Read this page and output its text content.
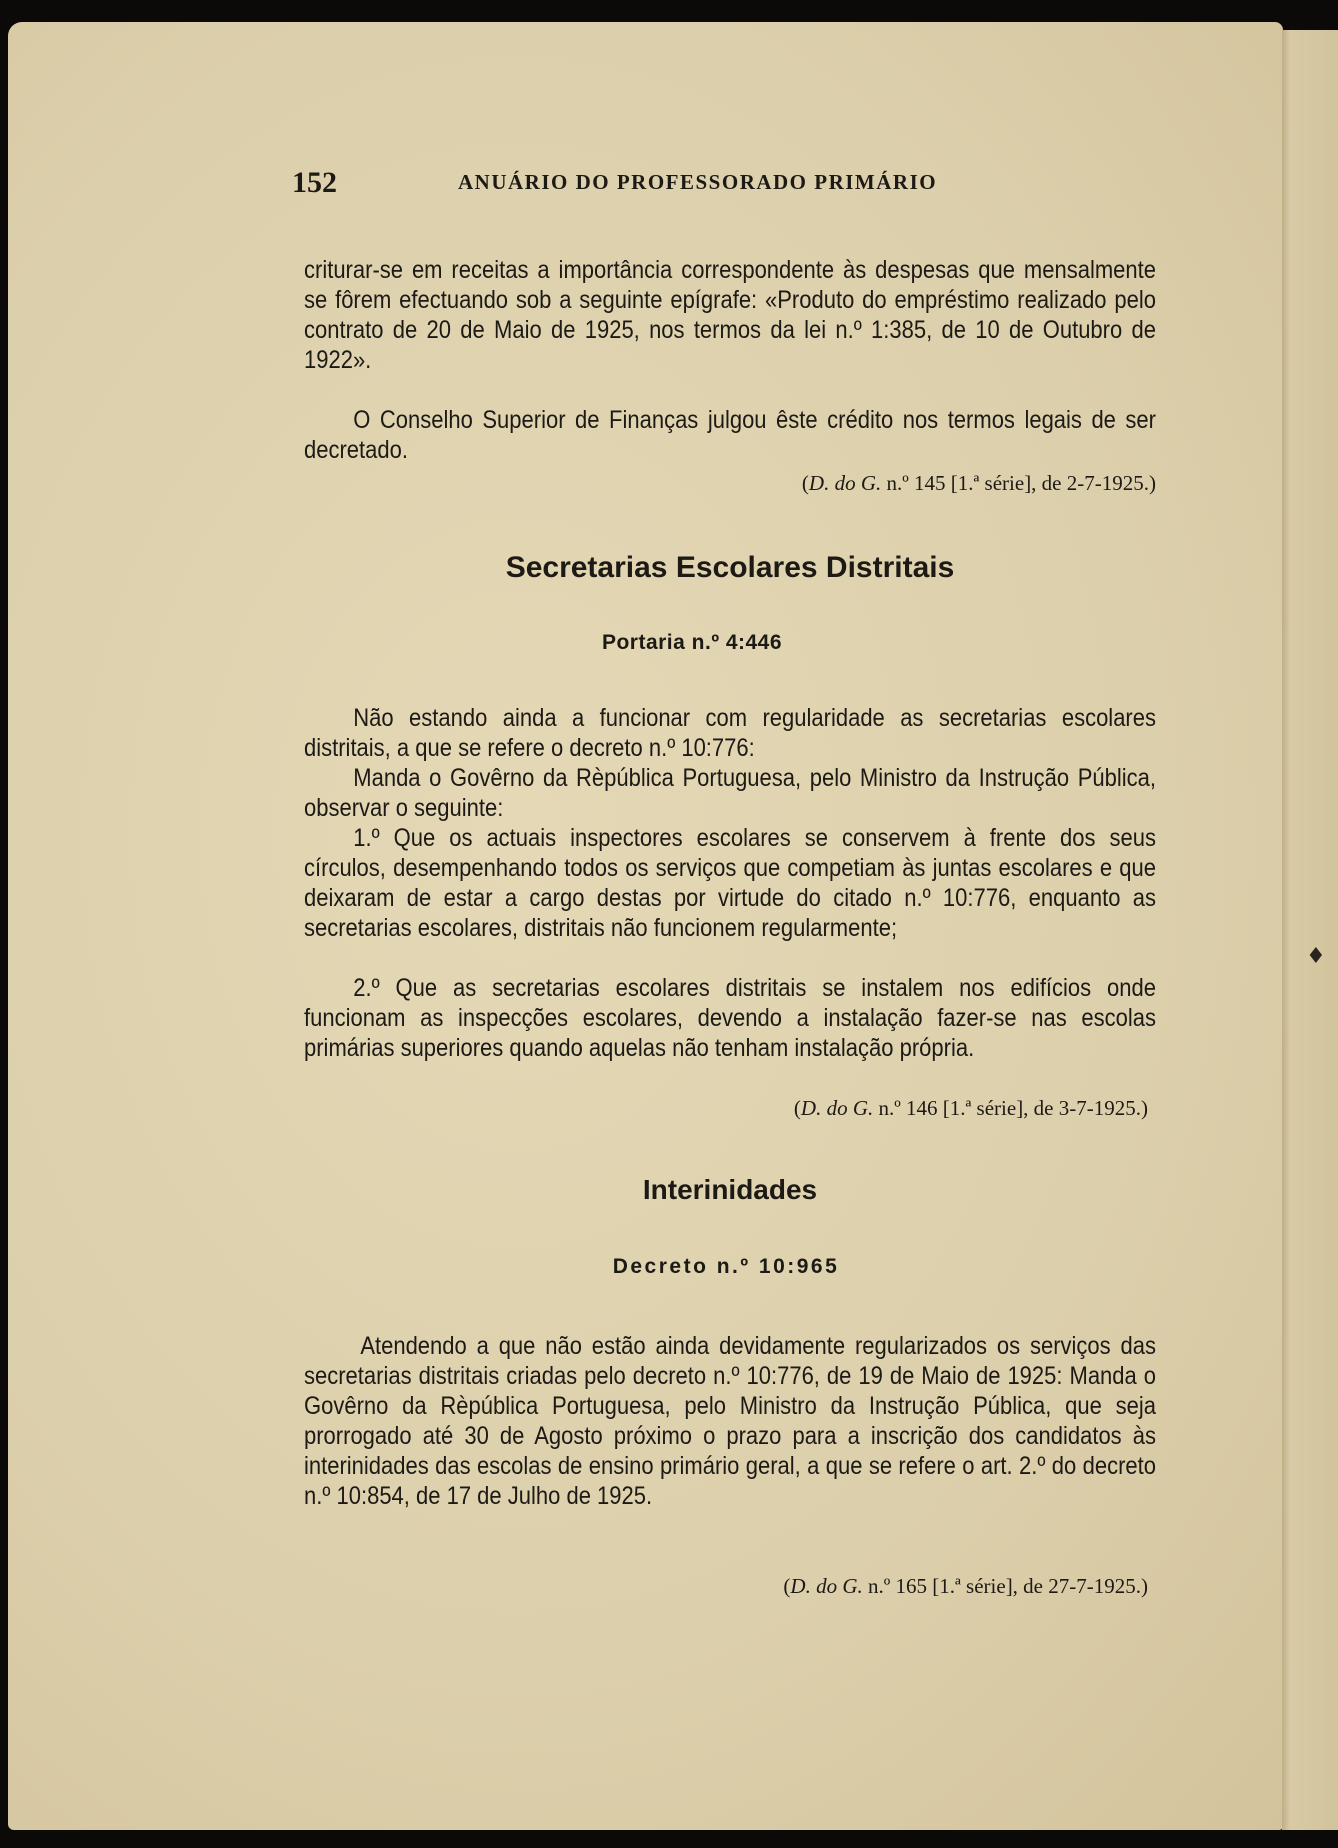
♦
152	ANUÁRIO DO PROFESSORADO PRIMÁRIO

criturar-se em receitas a importância correspondente às despesas que mensalmente se fôrem efectuando sob a seguinte epígrafe: «Produto do empréstimo realizado pelo contrato de 20 de Maio de 1925, nos termos da lei n.º 1:385, de 10 de Outubro de 1922».

O Conselho Superior de Finanças julgou êste crédito nos termos legais de ser decretado.

(D. do G. n.º 145 [1.ª série], de 2-7-1925.)
Secretarias Escolares Distritais
Portaria n.º 4:446

Não estando ainda a funcionar com regularidade as secretarias escolares distritais, a que se refere o decreto n.º 10:776:

Manda o Govêrno da Rèpública Portuguesa, pelo Ministro da Instrução Pública, observar o seguinte:

1.º Que os actuais inspectores escolares se conservem à frente dos seus círculos, desempenhando todos os serviços que competiam às juntas escolares e que deixaram de estar a cargo destas por virtude do citado n.º 10:776, enquanto as secretarias escolares, distritais não funcionem regularmente;

2.º Que as secretarias escolares distritais se instalem nos edifícios onde funcionam as inspecções escolares, devendo a instalação fazer-se nas escolas primárias superiores quando aquelas não tenham instalação própria.

(D. do G. n.º 146 [1.ª série], de 3-7-1925.)
Interinidades
Decreto n.º 10:965

Atendendo a que não estão ainda devidamente regularizados os serviços das secretarias distritais criadas pelo decreto n.º 10:776, de 19 de Maio de 1925: Manda o Govêrno da Rèpública Portuguesa, pelo Ministro da Instrução Pública, que seja prorrogado até 30 de Agosto próximo o prazo para a inscrição dos candidatos às interinidades das escolas de ensino primário geral, a que se refere o art. 2.º do decreto n.º 10:854, de 17 de Julho de 1925.

(D. do G. n.º 165 [1.ª série], de 27-7-1925.)
